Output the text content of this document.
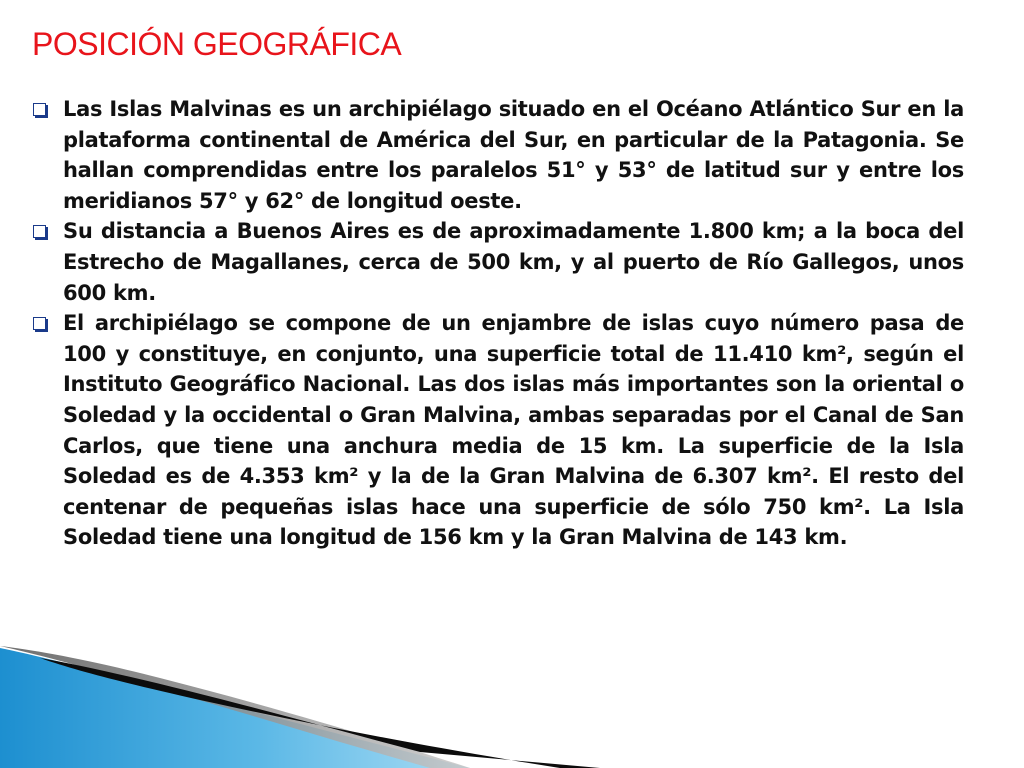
POSICIÓN GEOGRÁFICA
Las Islas Malvinas es un archipiélago situado en el Océano Atlántico Sur en la plataforma continental de América del Sur, en particular de la Patagonia. Se hallan comprendidas entre los paralelos 51° y 53° de latitud sur y entre los meridianos 57° y 62° de longitud oeste.
Su distancia a Buenos Aires es de aproximadamente 1.800 km; a la boca del Estrecho de Magallanes, cerca de 500 km, y al puerto de Río Gallegos, unos 600 km.
El archipiélago se compone de un enjambre de islas cuyo número pasa de 100 y constituye, en conjunto, una superficie total de 11.410 km², según el Instituto Geográfico Nacional. Las dos islas más importantes son la oriental o Soledad y la occidental o Gran Malvina, ambas separadas por el Canal de San Carlos, que tiene una anchura media de 15 km. La superficie de la Isla Soledad es de 4.353 km² y la de la Gran Malvina de 6.307 km². El resto del centenar de pequeñas islas hace una superficie de sólo 750 km². La Isla Soledad tiene una longitud de 156 km y la Gran Malvina de 143 km.
